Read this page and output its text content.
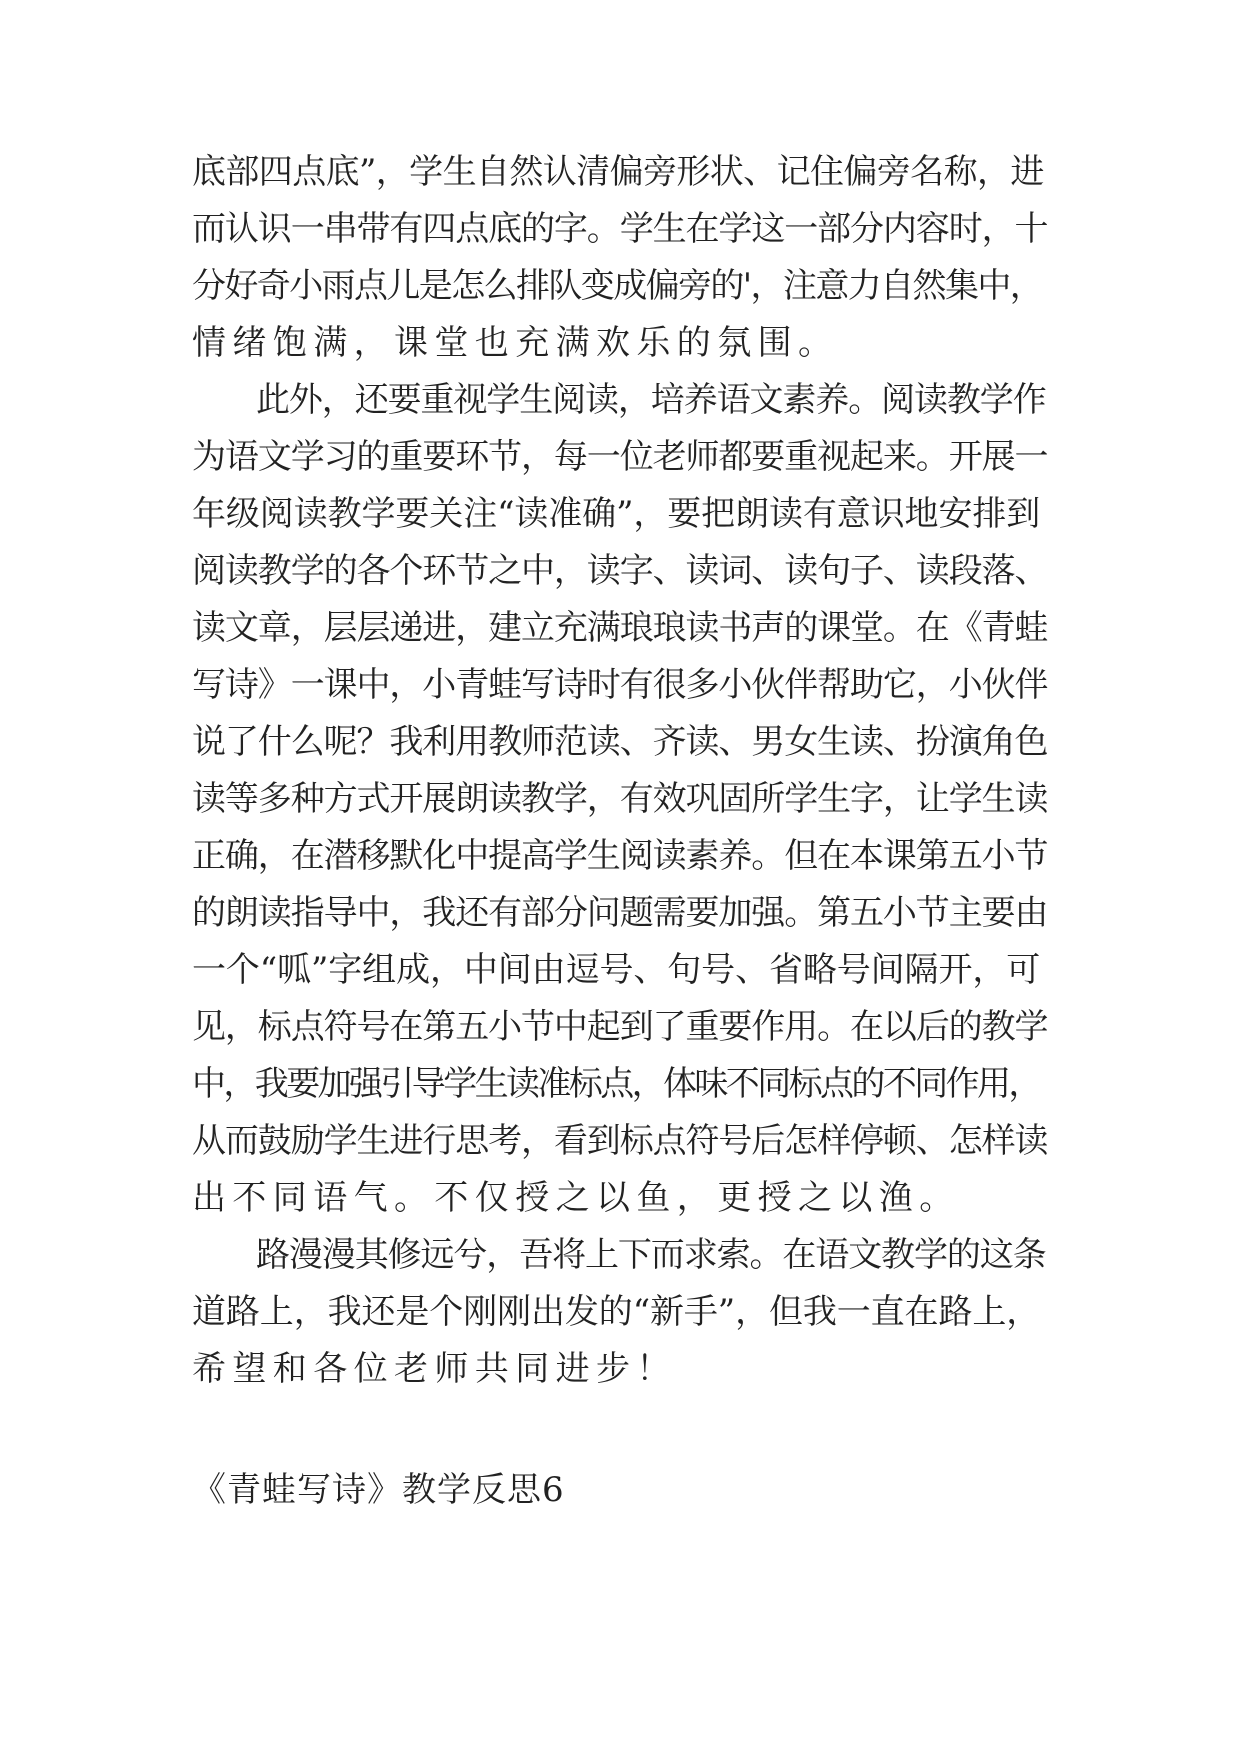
底部四点底”，学生自然认清偏旁形状、记住偏旁名称，进
而认识一串带有四点底的字。学生在学这一部分内容时，十
分好奇小雨点儿是怎么排队变成偏旁的'，注意力自然集中，
情绪饱满，课堂也充满欢乐的氛围。
此外，还要重视学生阅读，培养语文素养。阅读教学作
为语文学习的重要环节，每一位老师都要重视起来。开展一
年级阅读教学要关注“读准确”，要把朗读有意识地安排到
阅读教学的各个环节之中，读字、读词、读句子、读段落、
读文章，层层递进，建立充满琅琅读书声的课堂。在《青蛙
写诗》一课中，小青蛙写诗时有很多小伙伴帮助它，小伙伴
说了什么呢？我利用教师范读、齐读、男女生读、扮演角色
读等多种方式开展朗读教学，有效巩固所学生字，让学生读
正确，在潜移默化中提高学生阅读素养。但在本课第五小节
的朗读指导中，我还有部分问题需要加强。第五小节主要由
一个“呱”字组成，中间由逗号、句号、省略号间隔开，可
见，标点符号在第五小节中起到了重要作用。在以后的教学
中，我要加强引导学生读准标点，体味不同标点的不同作用，
从而鼓励学生进行思考，看到标点符号后怎样停顿、怎样读
出不同语气。不仅授之以鱼，更授之以渔。
路漫漫其修远兮，吾将上下而求索。在语文教学的这条
道路上，我还是个刚刚出发的“新手”，但我一直在路上，
希望和各位老师共同进步！
《青蛙写诗》教学反思6
